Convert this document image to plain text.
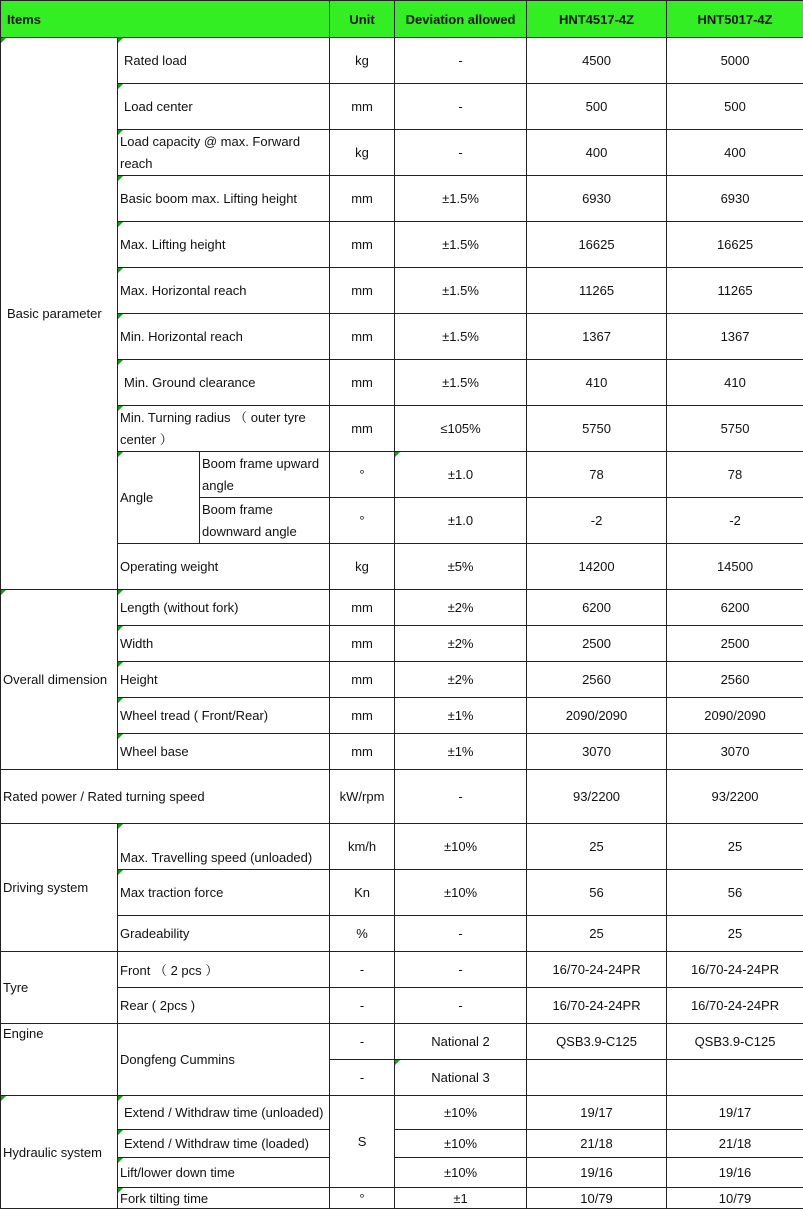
Items			Unit	Deviation allowed	HNT4517-4Z	HNT5017-4Z
Basic parameter	Rated load		kg	-	4500	5000
	Load center		mm	-	500	500
	Load capacity @ max. Forward reach		kg	-	400	400
	Basic boom max. Lifting height		mm	±1.5%	6930	6930
	Max. Lifting height		mm	±1.5%	16625	16625
	Max. Horizontal reach		mm	±1.5%	11265	11265
	Min. Horizontal reach		mm	±1.5%	1367	1367
	Min. Ground clearance		mm	±1.5%	410	410
	Min. Turning radius （ outer tyre center ）		mm	≤105%	5750	5750
	Angle	Boom frame upward angle	°	±1.0	78	78
		Boom frame downward angle	°	±1.0	-2	-2
	Operating weight		kg	±5%	14200	14500
Overall dimension	Length (without fork)		mm	±2%	6200	6200
	Width		mm	±2%	2500	2500
	Height		mm	±2%	2560	2560
	Wheel tread ( Front/Rear)		mm	±1%	2090/2090	2090/2090
	Wheel base		mm	±1%	3070	3070
Rated power / Rated turning speed			kW/rpm	-	93/2200	93/2200
Driving system	Max. Travelling speed (unloaded)		km/h	±10%	25	25
	Max traction force		Kn	±10%	56	56
	Gradeability		%	-	25	25
Tyre	Front （ 2 pcs ）		-	-	16/70-24-24PR	16/70-24-24PR
	Rear ( 2pcs )		-	-	16/70-24-24PR	16/70-24-24PR
Engine	Dongfeng Cummins		-	National 2	QSB3.9-C125	QSB3.9-C125
			-	National 3		
Hydraulic system	Extend / Withdraw time (unloaded)		S	±10%	19/17	19/17
	Extend / Withdraw time (loaded)			±10%	21/18	21/18
	Lift/lower down time			±10%	19/16	19/16
	Fork tilting time		°	±1	10/79	10/79
